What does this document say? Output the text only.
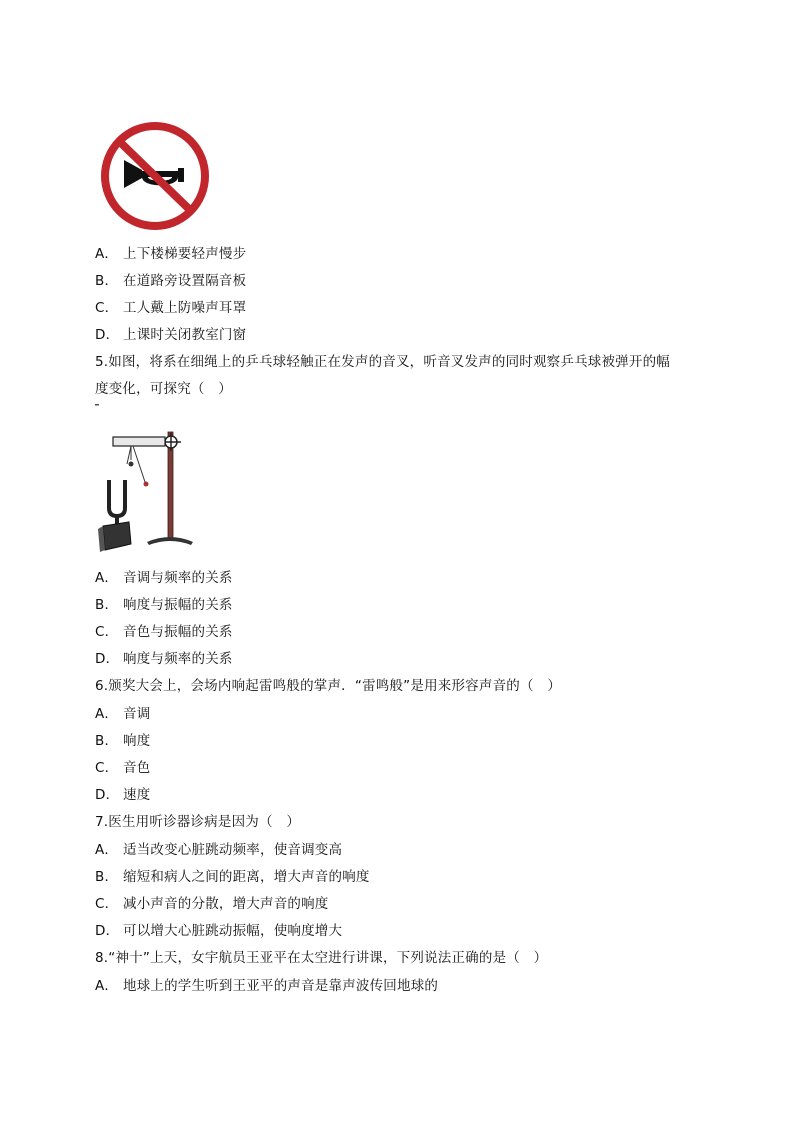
A． 上下楼梯要轻声慢步
B． 在道路旁设置隔音板
C． 工人戴上防噪声耳罩
D． 上课时关闭教室门窗
5.如图，将系在细绳上的乒乓球轻触正在发声的音叉，听音叉发声的同时观察乒乓球被弹开的幅
度变化，可探究（　）
A． 音调与频率的关系
B． 响度与振幅的关系
C． 音色与振幅的关系
D． 响度与频率的关系
6.颁奖大会上，会场内响起雷鸣般的掌声．“雷鸣般”是用来形容声音的（　）
A． 音调
B． 响度
C． 音色
D． 速度
7.医生用听诊器诊病是因为（　）
A． 适当改变心脏跳动频率，使音调变高
B． 缩短和病人之间的距离，增大声音的响度
C． 减小声音的分散，增大声音的响度
D． 可以增大心脏跳动振幅，使响度增大
8.“神十”上天，女宇航员王亚平在太空进行讲课，下列说法正确的是（　）
A． 地球上的学生听到王亚平的声音是靠声波传回地球的
